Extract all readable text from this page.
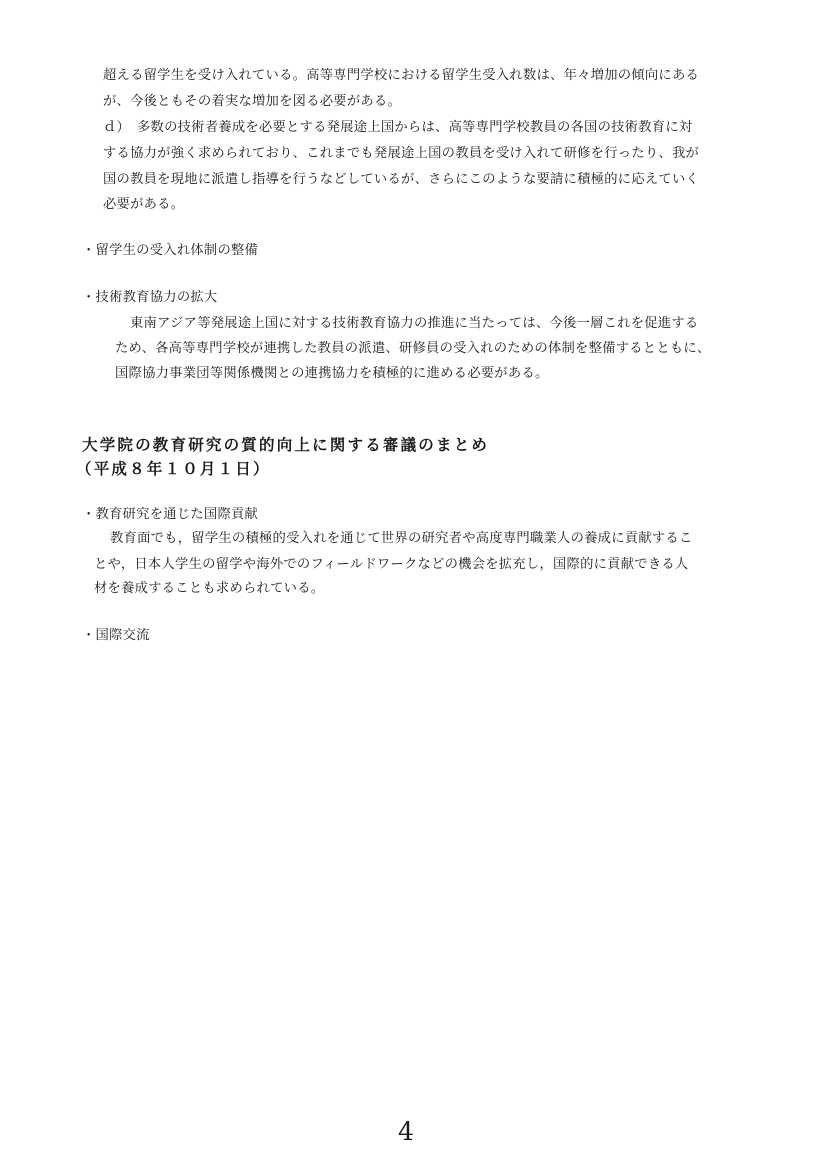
超える留学生を受け入れている。高等専門学校における留学生受入れ数は、年々増加の傾向にある
が、今後ともその着実な増加を図る必要がある。
ｄ）　多数の技術者養成を必要とする発展途上国からは、高等専門学校教員の各国の技術教育に対
する協力が強く求められており、これまでも発展途上国の教員を受け入れて研修を行ったり、我が
国の教員を現地に派遣し指導を行うなどしているが、さらにこのような要請に積極的に応えていく
必要がある。
・留学生の受入れ体制の整備
・技術教育協力の拡大
東南アジア等発展途上国に対する技術教育協力の推進に当たっては、今後一層これを促進する
ため、各高等専門学校が連携した教員の派遣、研修員の受入れのための体制を整備するとともに、
国際協力事業団等関係機関との連携協力を積極的に進める必要がある。
大学院の教育研究の質的向上に関する審議のまとめ
（平成８年１０月１日）
・教育研究を通じた国際貢献
教育面でも，留学生の積極的受入れを通じて世界の研究者や高度専門職業人の養成に貢献するこ
とや，日本人学生の留学や海外でのフィールドワークなどの機会を拡充し，国際的に貢献できる人
材を養成することも求められている。
・国際交流
4
